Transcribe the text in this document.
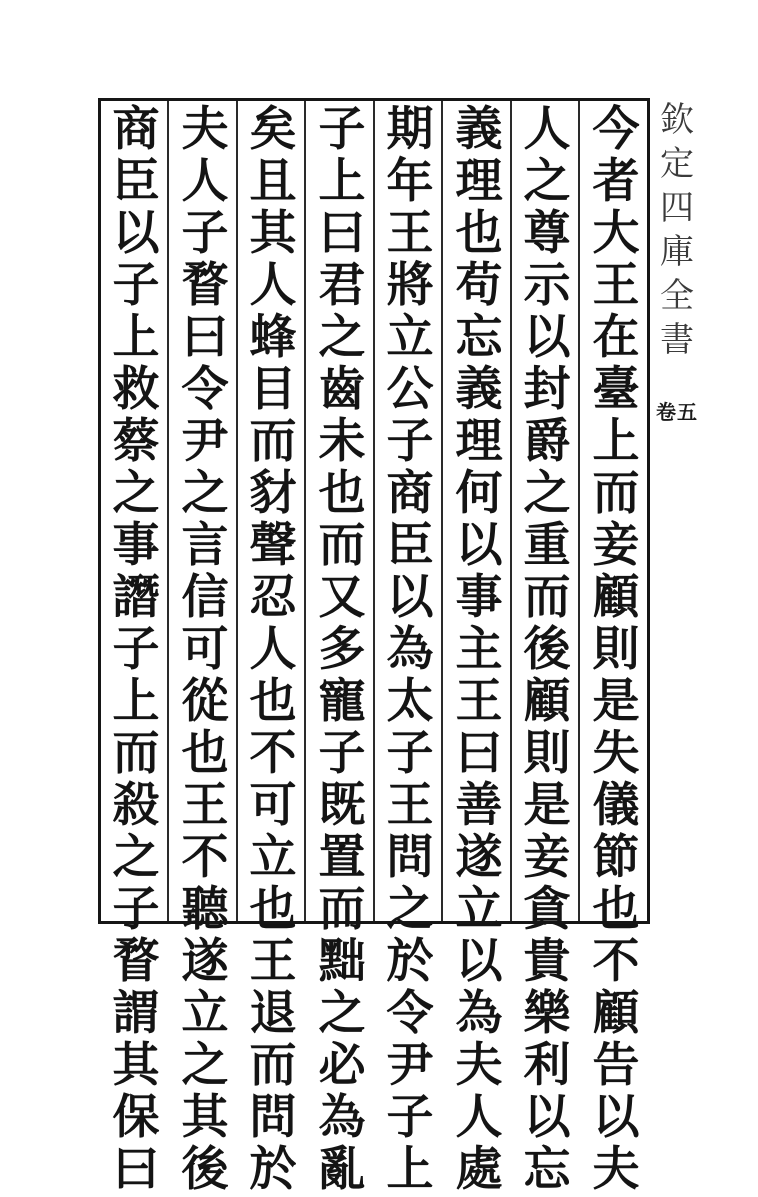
欽
定
四
庫
全
書
卷五
今
者
大
王
在
臺
上
而
妾
顧
則
是
失
儀
節
也
不
顧
告
以
夫
人
之
尊
示
以
封
爵
之
重
而
後
顧
則
是
妾
貪
貴
樂
利
以
忘
義
理
也
苟
忘
義
理
何
以
事
主
王
曰
善
遂
立
以
為
夫
人
處
期
年
王
將
立
公
子
商
臣
以
為
太
子
王
問
之
於
令
尹
子
上
子
上
曰
君
之
齒
未
也
而
又
多
寵
子
既
置
而
黜
之
必
為
亂
矣
且
其
人
蜂
目
而
豺
聲
忍
人
也
不
可
立
也
王
退
而
問
於
夫
人
子
瞀
曰
令
尹
之
言
信
可
從
也
王
不
聽
遂
立
之
其
後
商
臣
以
子
上
救
蔡
之
事
譖
子
上
而
殺
之
子
瞀
謂
其
保
曰
